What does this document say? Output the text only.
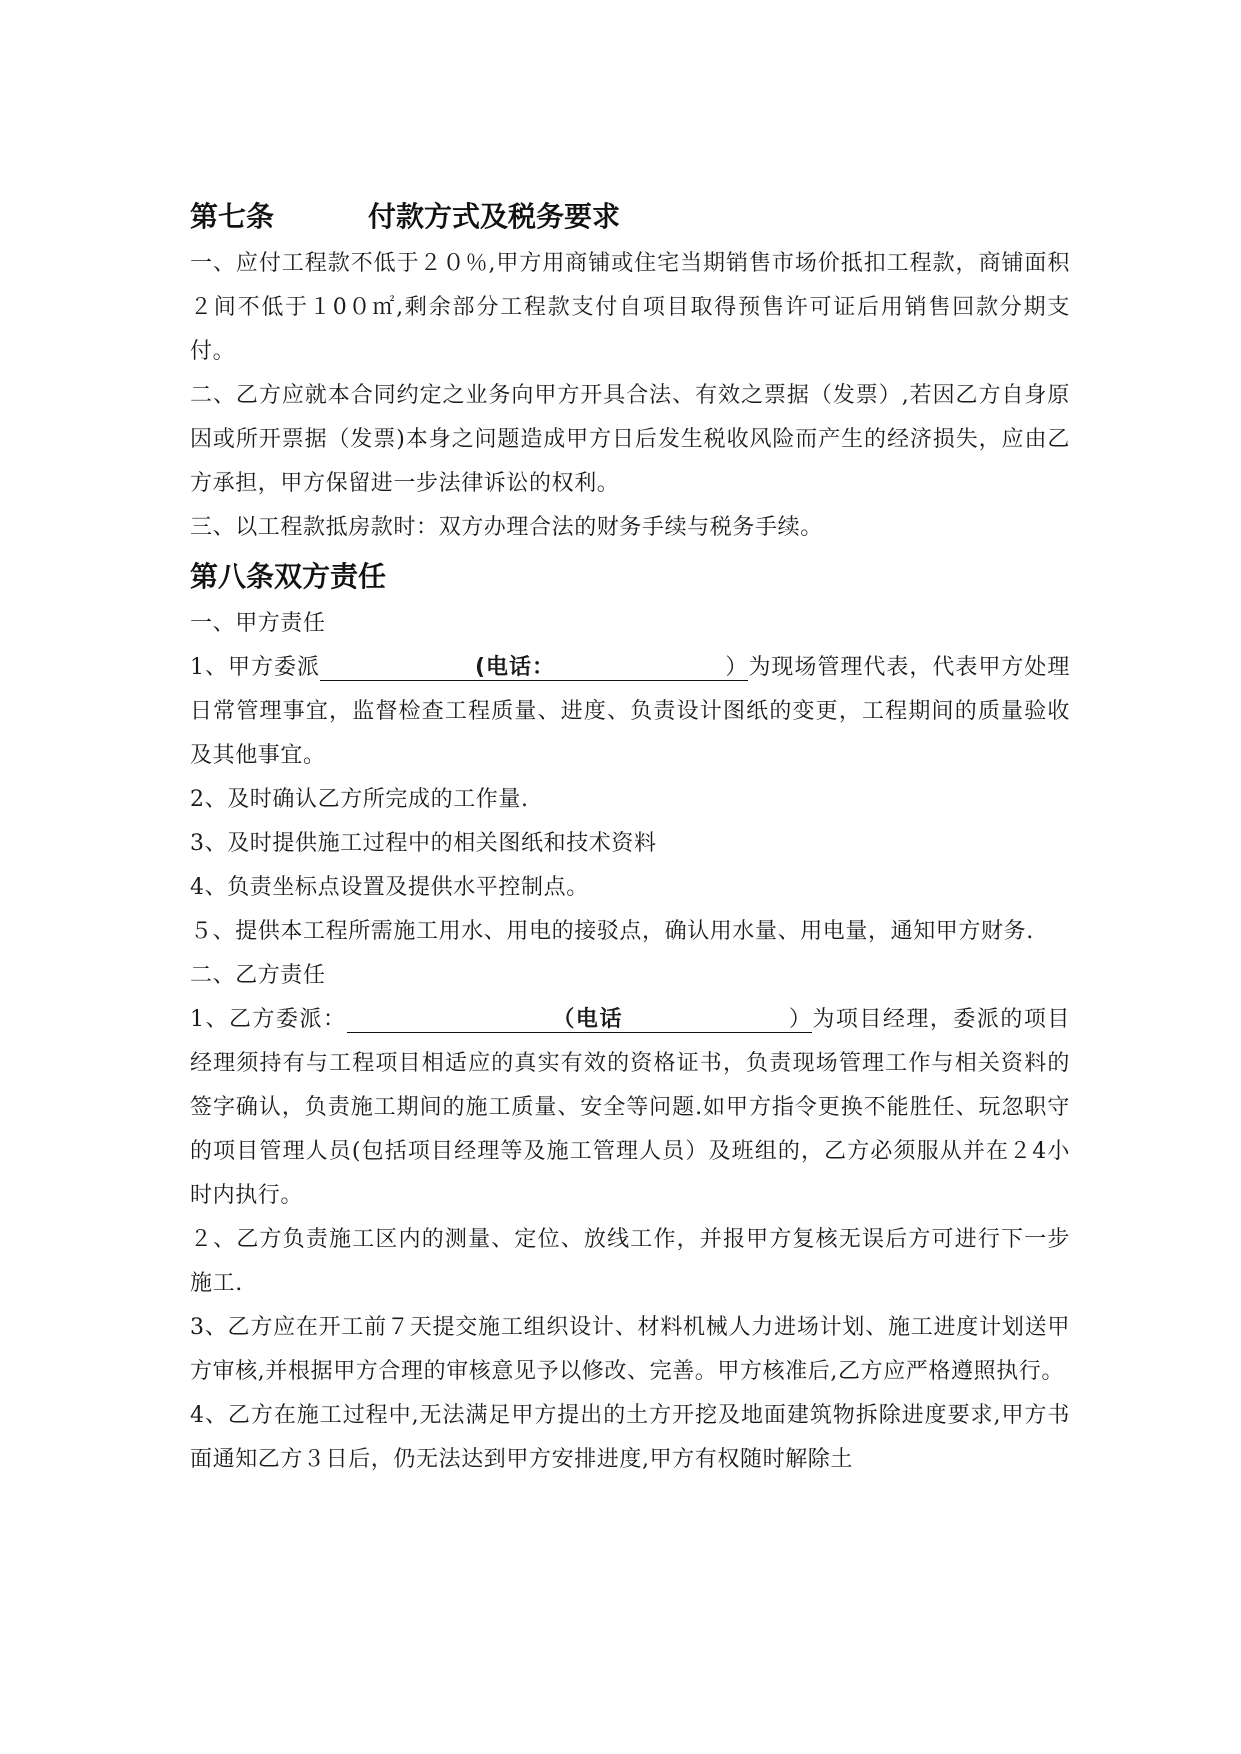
第七条	付款方式及税务要求

一、应付工程款不低于２０％,甲方用商铺或住宅当期销售市场价抵扣工程款，商铺面积２间不低于１0０㎡,剩余部分工程款支付自项目取得预售许可证后用销售回款分期支付。

二、乙方应就本合同约定之业务向甲方开具合法、有效之票据（发票）,若因乙方自身原因或所开票据（发票)本身之问题造成甲方日后发生税收风险而产生的经济损失，应由乙方承担，甲方保留进一步法律诉讼的权利。

三、以工程款抵房款时：双方办理合法的财务手续与税务手续。

第八条双方责任

一、甲方责任

1、甲方委派	(电话：	）为现场管理代表，代表甲方处理日常管理事宜，监督检查工程质量、进度、负责设计图纸的变更，工程期间的质量验收及其他事宜。

2、及时确认乙方所完成的工作量.

3、及时提供施工过程中的相关图纸和技术资料

4、负责坐标点设置及提供水平控制点。

５、提供本工程所需施工用水、用电的接驳点，确认用水量、用电量，通知甲方财务.

二、乙方责任

1、乙方委派：	（电话	）为项目经理，委派的项目经理须持有与工程项目相适应的真实有效的资格证书，负责现场管理工作与相关资料的签字确认，负责施工期间的施工质量、安全等问题.如甲方指令更换不能胜任、玩忽职守的项目管理人员(包括项目经理等及施工管理人员）及班组的，乙方必须服从并在２4小时内执行。

２、乙方负责施工区内的测量、定位、放线工作，并报甲方复核无误后方可进行下一步施工.

3、乙方应在开工前７天提交施工组织设计、材料机械人力进场计划、施工进度计划送甲方审核,并根据甲方合理的审核意见予以修改、完善。甲方核准后,乙方应严格遵照执行。

4、乙方在施工过程中,无法满足甲方提出的土方开挖及地面建筑物拆除进度要求,甲方书面通知乙方３日后，仍无法达到甲方安排进度,甲方有权随时解除土
